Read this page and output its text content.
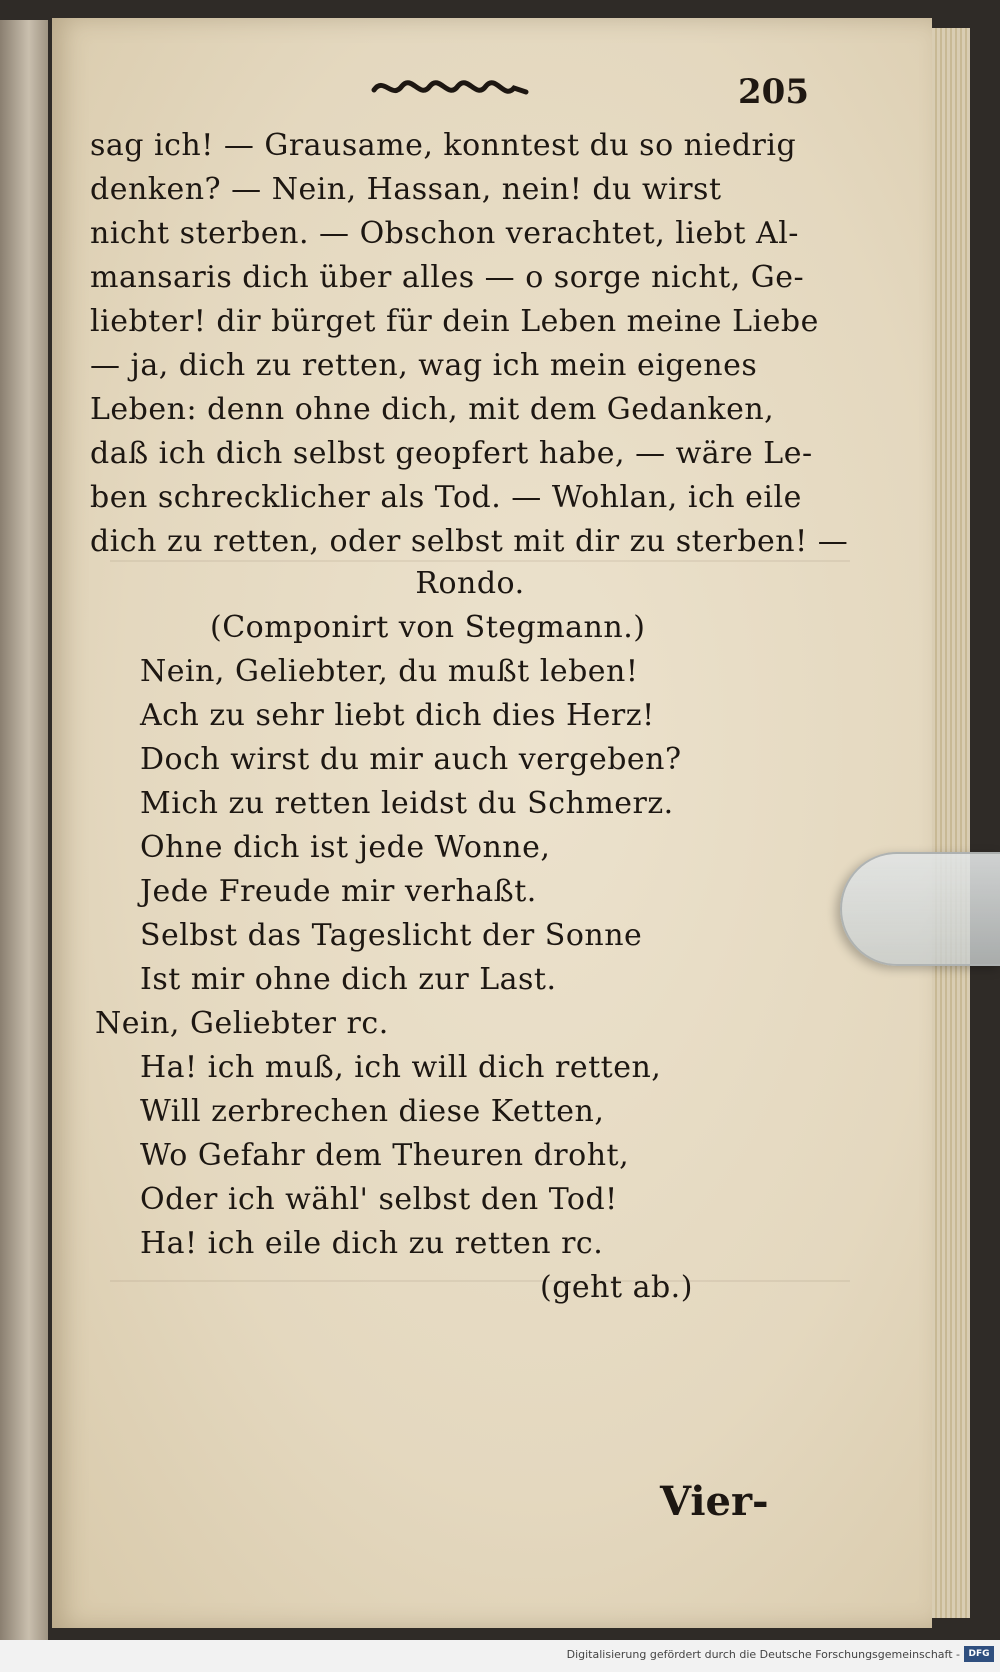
205
sag ich! — Grausame, konntest du so niedrig
denken? — Nein, Hassan, nein! du wirst
nicht sterben. — Obschon verachtet, liebt Al-
mansaris dich über alles — o sorge nicht, Ge-
liebter! dir bürget für dein Leben meine Liebe
— ja, dich zu retten, wag ich mein eigenes
Leben: denn ohne dich, mit dem Gedanken,
daß ich dich selbst geopfert habe, — wäre Le-
ben schrecklicher als Tod. — Wohlan, ich eile
dich zu retten, oder selbst mit dir zu sterben! —
Rondo.
(Componirt von Stegmann.)
Nein, Geliebter, du mußt leben!
Ach zu sehr liebt dich dies Herz!
Doch wirst du mir auch vergeben?
Mich zu retten leidst du Schmerz.
Ohne dich ist jede Wonne,
Jede Freude mir verhaßt.
Selbst das Tageslicht der Sonne
Ist mir ohne dich zur Last.
Nein, Geliebter rc.
Ha! ich muß, ich will dich retten,
Will zerbrechen diese Ketten,
Wo Gefahr dem Theuren droht,
Oder ich wähl' selbst den Tod!
Ha! ich eile dich zu retten rc.
(geht ab.)
Vier-
Digitalisierung gefördert durch die Deutsche Forschungsgemeinschaft - DFG
